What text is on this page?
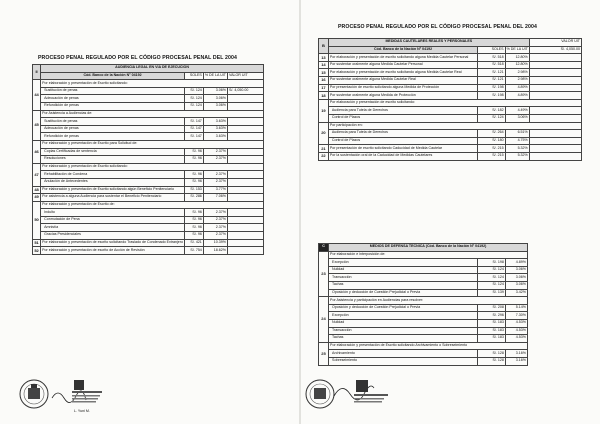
PROCESO PENAL REGULADO POR EL CÓDIGO PROCESAL PENAL DEL 2004
PROCESO PENAL REGULADO POR EL CÓDIGO PROCESAL PENAL DEL 2004
II	AUDIENCIA LEGAL EN VIA DE EJECUCION			
	Cód. Banco de la Nación N° 04192	SOLES	% DE LA UIT	VALOR UIT
44	Por elaboración y presentación de Escrito solicitando:			
	Sustitución de penas	S/. 124	3.06%	S/. 4,050.00
	Adecuación de penas	S/. 124	3.06%	
	Refundición de penas	S/. 124	3.06%	
45	Por Asistencia a Audiencias de:			
	Sustitución de penas	S/. 147	3.63%	
	Adecuación de penas	S/. 147	3.63%	
	Refundición de penas	S/. 147	3.63%	
46	Por elaboración y presentación de Escrito para Solicitud de:			
	Copias Certificadas de sentencia	S/. 96	2.37%	
	Resoluciones	S/. 96	2.37%	
47	Por elaboración y presentación de Escrito solicitando:			
	Rehabilitación de Condena	S/. 96	2.37%	
	Anulación de Antecedentes	S/. 96	2.37%	
48	Por elaboración y presentación de Escrito solicitando algún Beneficio Penitenciario	S/. 153	3.77%	
49	Por asistencia a alguna Audiencia para sustentar el Beneficio Penitenciario	S/. 286	7.06%	
50	Por elaboración y presentación de Escrito de:			
	Indulto	S/. 96	2.37%	
	Conmutación de Pena	S/. 96	2.37%	
	Amnistía	S/. 96	2.37%	
	Gracias Presidenciales	S/. 96	2.37%	
51	Por elaboración y presentación de escrito solicitando Traslado de Condenado Extranjero	S/. 421	10.39%	
52	Por elaboración y presentación de escrito de Acción de Revisión	S/. 754	18.62%	
B	MEDIDAS CAUTELARES REALES Y PERSONALES			VALOR UIT
	Cód. Banco de la Nación N° 04192	SOLES	% DE LA UIT	S/. 4,050.00
13	Por elaboración y presentación de escrito solicitando alguna Medida Cautelar Personal	S/. 518	12.80%	
14	Por sustentar oralmente alguna Medida Cautelar Personal	S/. 518	12.80%	
15	Por elaboración y presentación de escrito solicitando alguna Medida Cautelar Real	S/. 121	2.98%	
16	Por sustentar oralmente alguna Medida Cautelar Real	S/. 121	2.98%	
17	Por presentación de escrito solicitando alguna Medida de Protección	S/. 198	4.89%	
18	Por sustentar oralmente alguna Medida de Protección	S/. 198	4.89%	
19	Por elaboración y presentación de escrito solicitando:			
	Audiencia para Tutela de Derechos	S/. 182	4.49%	
	Control de Plazos	S/. 124	3.06%	
20	Por participación en:			
	Audiencia para Tutela de Derechos	S/. 264	6.51%	
	Control de Plazos	S/. 180	4.75%	
21	Por presentación de escrito solicitando Caducidad de Medida Cautelar	S/. 215	5.32%	
22	Por la sustentación oral de la Caducidad de Medidas Cautelares	S/. 215	5.32%	
C	MEDIOS DE DEFENSA TECNICA (Cód. Banco de la Nación N° 04192)		
23	Por elaboración e interposición de:		
	Excepción	S/. 198	4.89%
	Nulidad	S/. 124	3.06%
	Transacción	S/. 124	3.06%
	Tachas	S/. 124	3.06%
	Oposición y deducción de Cuestión Prejudicial o Previa	S/. 139	3.42%
24	Por Asistencia y participación en Audiencias para resolver:		
	Oposición y deducción de Cuestión Prejudicial o Previa	S/. 208	5.14%
	Excepción	S/. 296	7.30%
	Nulidad	S/. 183	4.53%
	Transacción	S/. 183	4.53%
	Tachas	S/. 183	4.53%
25	Por elaboración y presentación de Escrito solicitando Archivamiento o Sobreseimiento		
	Archivamiento	S/. 128	3.16%
	Sobreseimiento	S/. 128	3.16%
L. Yuni M.
